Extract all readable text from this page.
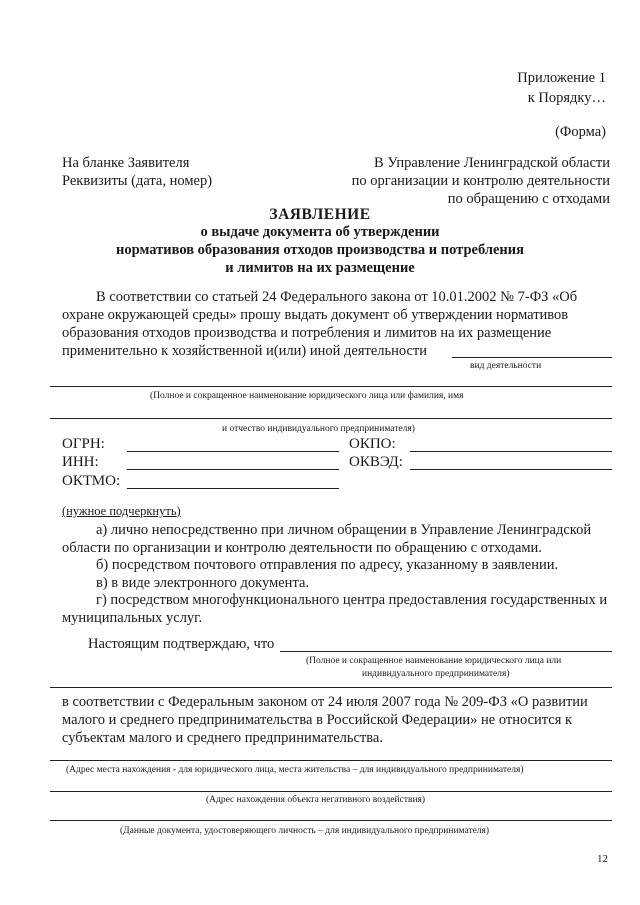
Приложение 1
к Порядку…
(Форма)
На бланке Заявителя
Реквизиты (дата, номер)
В Управление Ленинградской области
по организации и контролю деятельности
по обращению с отходами
ЗАЯВЛЕНИЕ
о выдаче документа об утверждении
нормативов образования отходов производства и потребления
и лимитов на их размещение
В соответствии со статьей 24 Федерального закона от 10.01.2002 № 7-ФЗ «Об
охране окружающей среды» прошу выдать документ об утверждении нормативов
образования отходов производства и потребления и лимитов на их размещение
применительно к хозяйственной и(или) иной деятельности
вид деятельности
(Полное и сокращенное наименование юридического лица или фамилия, имя
и отчество индивидуального предпринимателя)
ОГРН:
ИНН:
ОКТМО:
ОКПО:
ОКВЭД:
(нужное подчеркнуть)
а) лично непосредственно при личном обращении в Управление Ленинградской
области по организации и контролю деятельности по обращению с отходами.
б) посредством почтового отправления по адресу, указанному в заявлении.
в) в виде электронного документа.
г) посредством многофункционального центра предоставления государственных и
муниципальных услуг.
Настоящим подтверждаю, что
(Полное и сокращенное наименование юридического лица или
индивидуального предпринимателя)
в соответствии с Федеральным законом от 24 июля 2007 года № 209-ФЗ «О развитии
малого и среднего предпринимательства в Российской Федерации» не относится к
субъектам малого и среднего предпринимательства.
(Адрес места нахождения - для юридического лица, места жительства – для индивидуального предпринимателя)
(Адрес нахождения объекта негативного воздействия)
(Данные документа, удостоверяющего личность – для индивидуального предпринимателя)
12
